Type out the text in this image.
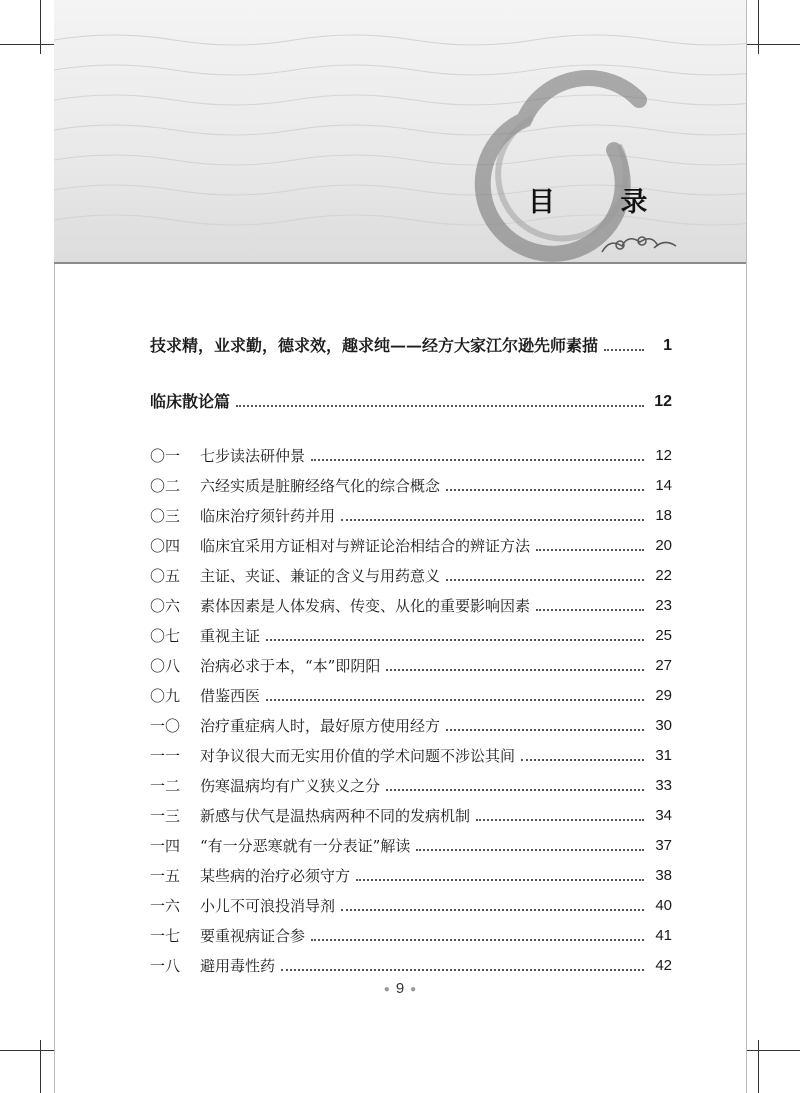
目 录
技求精，业求勤，德求效，趣求纯——经方大家江尔逊先师素描	1
临床散论篇	12
〇一	七步读法研仲景	12
〇二	六经实质是脏腑经络气化的综合概念	14
〇三	临床治疗须针药并用	18
〇四	临床宜采用方证相对与辨证论治相结合的辨证方法	20
〇五	主证、夹证、兼证的含义与用药意义	22
〇六	素体因素是人体发病、传变、从化的重要影响因素	23
〇七	重视主证	25
〇八	治病必求于本，“本”即阴阳	27
〇九	借鉴西医	29
一〇	治疗重症病人时，最好原方使用经方	30
一一	对争议很大而无实用价值的学术问题不涉讼其间	31
一二	伤寒温病均有广义狭义之分	33
一三	新感与伏气是温热病两种不同的发病机制	34
一四	“有一分恶寒就有一分表证”解读	37
一五	某些病的治疗必须守方	38
一六	小儿不可浪投消导剂	40
一七	要重视病证合参	41
一八	避用毒性药	42
● 9 ●
